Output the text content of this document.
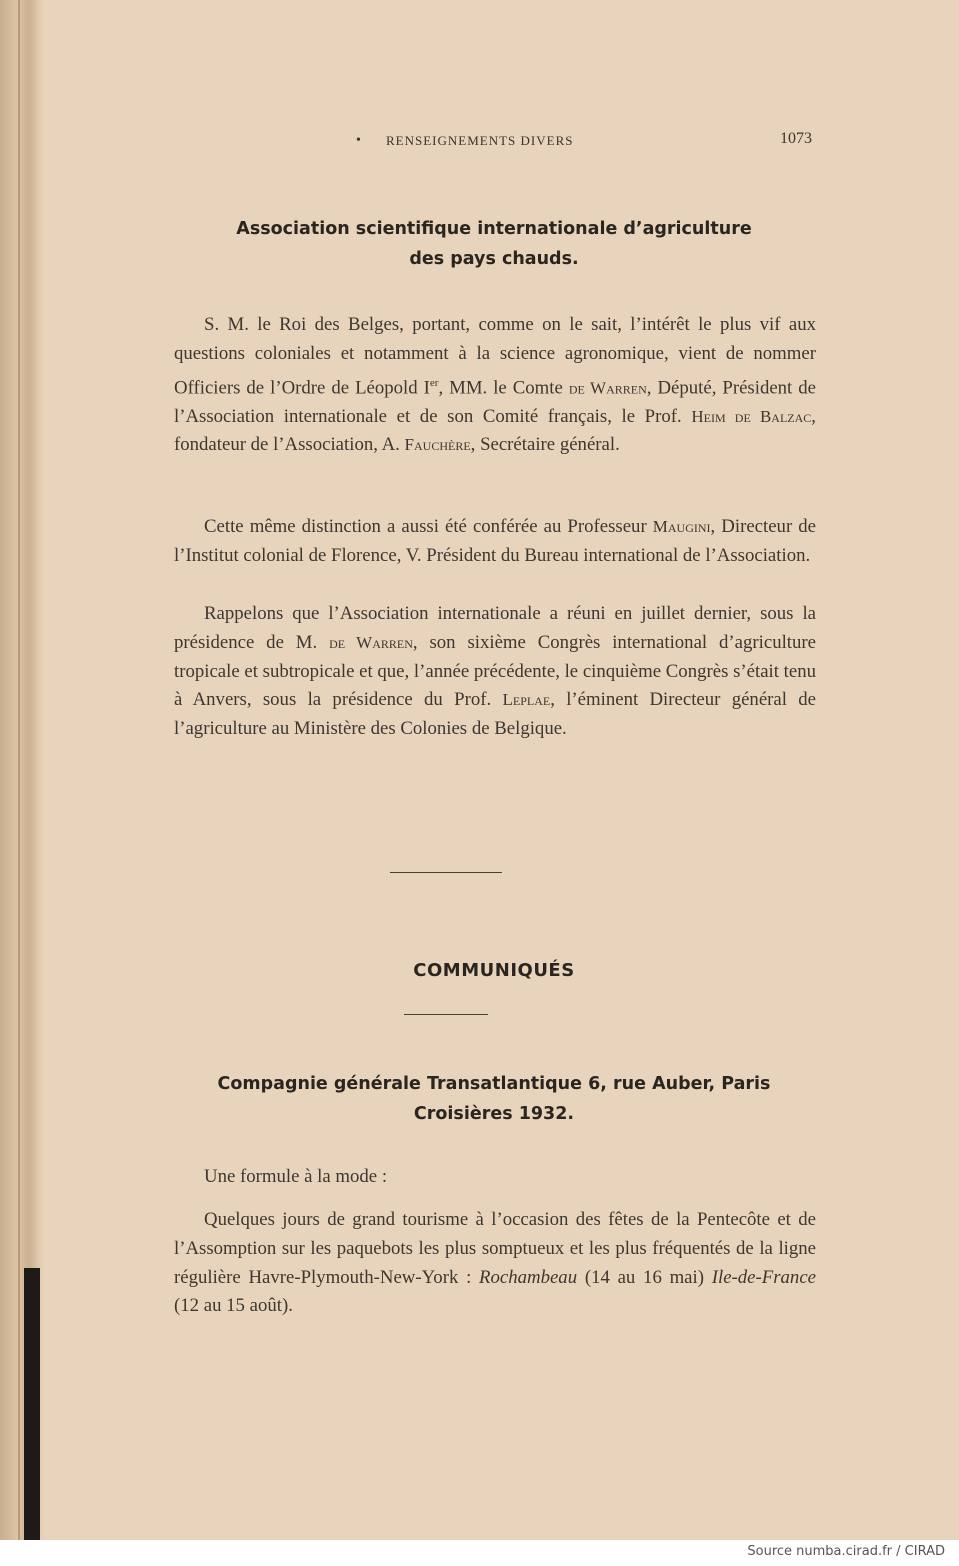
• RENSEIGNEMENTS DIVERS	1073
Association scientifique internationale d’agriculture
des pays chauds.
S. M. le Roi des Belges, portant, comme on le sait, l’intérêt le plus vif aux questions coloniales et notamment à la science agronomique, vient de nommer Officiers de l’Ordre de Léopold Ier, MM. le Comte de Warren, Député, Président de l’Association internationale et de son Comité français, le Prof. Heim de Balzac, fondateur de l’Association, A. Fauchère, Secrétaire général.
Cette même distinction a aussi été conférée au Professeur Maugini, Directeur de l’Institut colonial de Florence, V. Président du Bureau international de l’Association.
Rappelons que l’Association internationale a réuni en juillet dernier, sous la présidence de M. de Warren, son sixième Congrès international d’agriculture tropicale et subtropicale et que, l’année précédente, le cinquième Congrès s’était tenu à Anvers, sous la présidence du Prof. Leplae, l’éminent Directeur général de l’agriculture au Ministère des Colonies de Belgique.
COMMUNIQUÉS
Compagnie générale Transatlantique 6, rue Auber, Paris
Croisières 1932.
Une formule à la mode :
Quelques jours de grand tourisme à l’occasion des fêtes de la Pentecôte et de l’Assomption sur les paquebots les plus somptueux et les plus fréquentés de la ligne régulière Havre-Plymouth-New-York : Rochambeau (14 au 16 mai) Ile-de-France (12 au 15 août).
Source numba.cirad.fr / CIRAD
